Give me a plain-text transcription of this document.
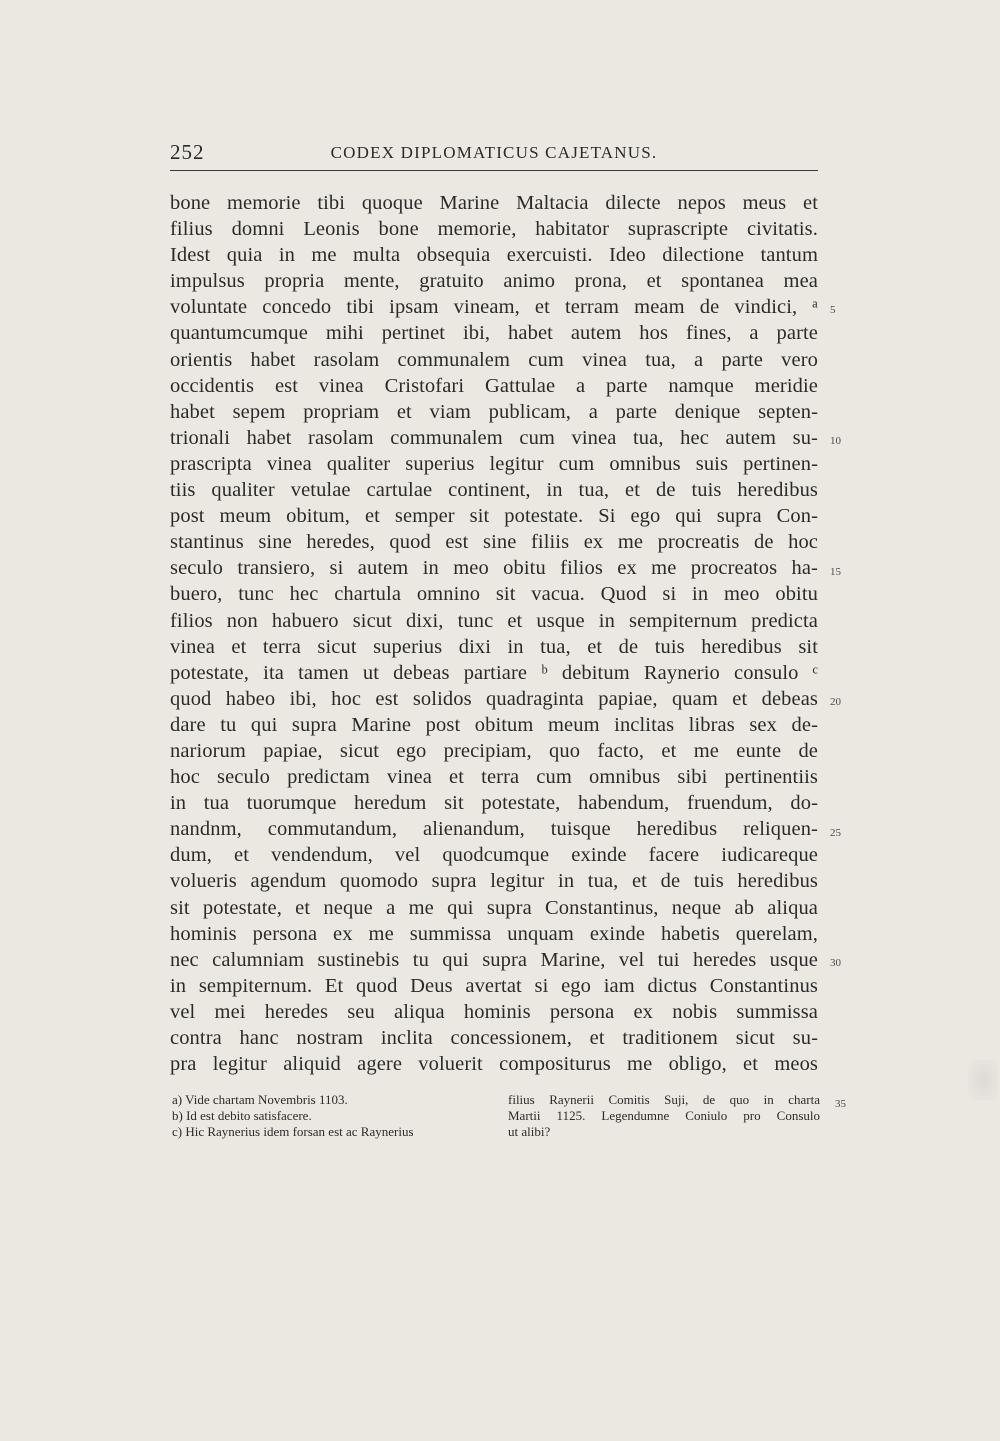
252	CODEX DIPLOMATICUS CAJETANUS.
bone memorie tibi quoque Marine Maltacia dilecte nepos meus et
filius domni Leonis bone memorie, habitator suprascripte civitatis.
Idest quia in me multa obsequia exercuisti. Ideo dilectione tantum
impulsus propria mente, gratuito animo prona, et spontanea mea
voluntate concedo tibi ipsam vineam, et terram meam de vindici, ᵃ
quantumcumque mihi pertinet ibi, habet autem hos fines, a parte
orientis habet rasolam communalem cum vinea tua, a parte vero
occidentis est vinea Cristofari Gattulae a parte namque meridie
habet sepem propriam et viam publicam, a parte denique septen-
trionali habet rasolam communalem cum vinea tua, hec autem su-
prascripta vinea qualiter superius legitur cum omnibus suis pertinen-
tiis qualiter vetulae cartulae continent, in tua, et de tuis heredibus
post meum obitum, et semper sit potestate. Si ego qui supra Con-
stantinus sine heredes, quod est sine filiis ex me procreatis de hoc
seculo transiero, si autem in meo obitu filios ex me procreatos ha-
buero, tunc hec chartula omnino sit vacua. Quod si in meo obitu
filios non habuero sicut dixi, tunc et usque in sempiternum predicta
vinea et terra sicut superius dixi in tua, et de tuis heredibus sit
potestate, ita tamen ut debeas partiare ᵇ debitum Raynerio consulo ᶜ
quod habeo ibi, hoc est solidos quadraginta papiae, quam et debeas
dare tu qui supra Marine post obitum meum inclitas libras sex de-
nariorum papiae, sicut ego precipiam, quo facto, et me eunte de
hoc seculo predictam vinea et terra cum omnibus sibi pertinentiis
in tua tuorumque heredum sit potestate, habendum, fruendum, do-
nandnm, commutandum, alienandum, tuisque heredibus reliquen-
dum, et vendendum, vel quodcumque exinde facere iudicareque
volueris agendum quomodo supra legitur in tua, et de tuis heredibus
sit potestate, et neque a me qui supra Constantinus, neque ab aliqua
hominis persona ex me summissa unquam exinde habetis querelam,
nec calumniam sustinebis tu qui supra Marine, vel tui heredes usque
in sempiternum. Et quod Deus avertat si ego iam dictus Constantinus
vel mei heredes seu aliqua hominis persona ex nobis summissa
contra hanc nostram inclita concessionem, et traditionem sicut su-
pra legitur aliquid agere voluerit compositurus me obligo, et meos
5
10
15
20
25
30
a) Vide chartam Novembris 1103.
b) Id est debito satisfacere.
c) Hic Raynerius idem forsan est ac Raynerius
filius Raynerii Comitis Suji, de quo in charta
Martii 1125. Legendumne Coniulo pro Consulo
ut alibi?
35
